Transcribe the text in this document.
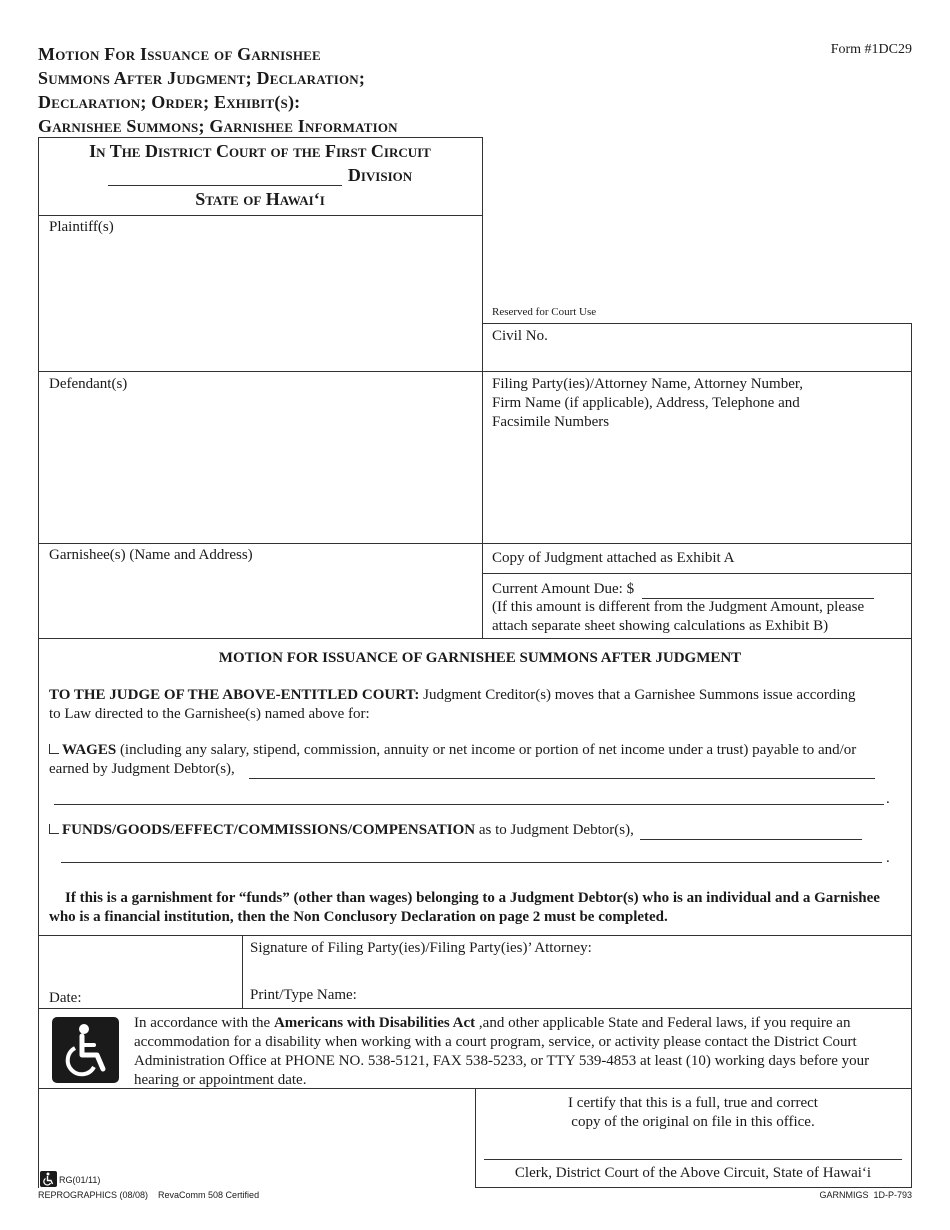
Motion For Issuance of Garnishee
Summons After Judgment; Declaration;
Declaration; Order; Exhibit(s):
Garnishee Summons; Garnishee Information
Form #1DC29
In The District Court of the First Circuit
Division
State of Hawai‘i
Plaintiff(s)
Defendant(s)
Garnishee(s) (Name and Address)
Reserved for Court Use
Civil No.
Filing Party(ies)/Attorney Name, Attorney Number,
Firm Name (if applicable), Address, Telephone and
Facsimile Numbers
Copy of Judgment attached as Exhibit A
Current Amount Due: $
(If this amount is different from the Judgment Amount, please
attach separate sheet showing calculations as Exhibit B)
MOTION FOR ISSUANCE OF GARNISHEE SUMMONS AFTER JUDGMENT
TO THE JUDGE OF THE ABOVE-ENTITLED COURT: Judgment Creditor(s) moves that a Garnishee Summons issue according
to Law directed to the Garnishee(s) named above for:
WAGES (including any salary, stipend, commission, annuity or net income or portion of net income under a trust) payable to and/or
earned by Judgment Debtor(s),
.
FUNDS/GOODS/EFFECT/COMMISSIONS/COMPENSATION as to Judgment Debtor(s),
.
If this is a garnishment for “funds” (other than wages) belonging to a Judgment Debtor(s) who is an individual and a Garnishee
who is a financial institution, then the Non Conclusory Declaration on page 2 must be completed.
Signature of Filing Party(ies)/Filing Party(ies)’ Attorney:
Print/Type Name:
Date:
In accordance with the Americans with Disabilities Act ,and other applicable State and Federal laws, if you require an
accommodation for a disability when working with a court program, service, or activity please contact the District Court
Administration Office at PHONE NO. 538-5121, FAX 538-5233, or TTY 539-4853 at least (10) working days before your
hearing or appointment date.
I certify that this is a full, true and correct
copy of the original on file in this office.
Clerk, District Court of the Above Circuit, State of Hawai‘i
RG(01/11)
REPROGRAPHICS (08/08)    RevaComm 508 Certified	GARNMIGS  1D-P-793
